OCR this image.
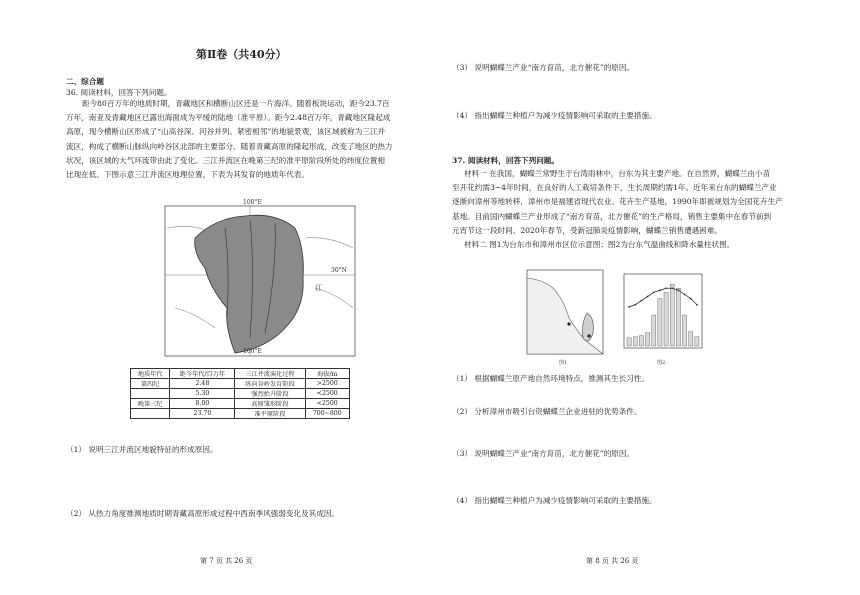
第Ⅱ卷（共40分）
二、综合题
36. 阅读材料，回答下列问题。
距今80百万年的地质时期，青藏地区和横断山区还是一片海洋。随着板块运动，距今23.7百
万年，南亚及青藏地区已露出海面成为平缓的陆地（准平原）。距今2.48百万年，青藏地区隆起成
高原，现今横断山区形成了“山高谷深、河谷并列、紧密相邻”的地貌景观，该区域被称为三江并
流区，构成了横断山脉纵向岭谷区北部的主要部分。随着青藏高原的隆起形成，改变了地区的热力
状况，该区域的大气环流带由此了变化。三江并流区在晚第三纪的准平原阶段所处的纬度位置相
比现在低。下图示意三江并流区地理位置，下表为其发育的地质年代表。
100°E
30°N
江
100°E
地质年代	距今年代/百万年	三江并流演化过程	海拔/m
第四纪	2.48	纵向谷岭发育阶段	>2500
	5.30	强烈抬升阶段	<2500
晚第三纪	8.00	高原雏形阶段	<2500
	23.70	准平原阶段	700~800
（1） 说明三江并流区地貌特征的形成原因。
（2） 从热力角度推测地质时期青藏高原形成过程中西南季风强弱变化及其成因。
第 7 页 共 26 页
（3） 说明蝴蝶兰产业“南方育苗，北方催花”的原因。
（4） 指出蝴蝶兰种植户为减少疫情影响可采取的主要措施。
37. 阅读材料，回答下列问题。
材料一 在我国，蝴蝶兰常野生于台湾雨林中，台东为其主要产地。在自然界，蝴蝶兰由小苗
至开花约需3~4年时间，在良好的人工栽培条件下，生长周期约需1年。近年来台东的蝴蝶兰产业
逐渐向漳州等地转移，漳州市是福建省现代农业、花卉生产基地，1990年即被规划为全国花卉生产
基地。目前国内蝴蝶兰产业形成了“南方育苗，北方催花”的生产格局，销售主要集中在春节前到
元宵节这一段时间。2020年春节，受新冠肺炎疫情影响，蝴蝶兰销售遭遇困难。
材料二 图1为台东市和漳州市区位示意图；图2为台东气温曲线和降水量柱状图。
图1	图2
（1） 根据蝴蝶兰原产地自然环境特点，推测其生长习性。
（2） 分析漳州市吸引台资蝴蝶兰企业进驻的优势条件。
（3） 说明蝴蝶兰产业“南方育苗，北方催花”的原因。
（4） 指出蝴蝶兰种植户为减少疫情影响可采取的主要措施。
第 8 页 共 26 页
